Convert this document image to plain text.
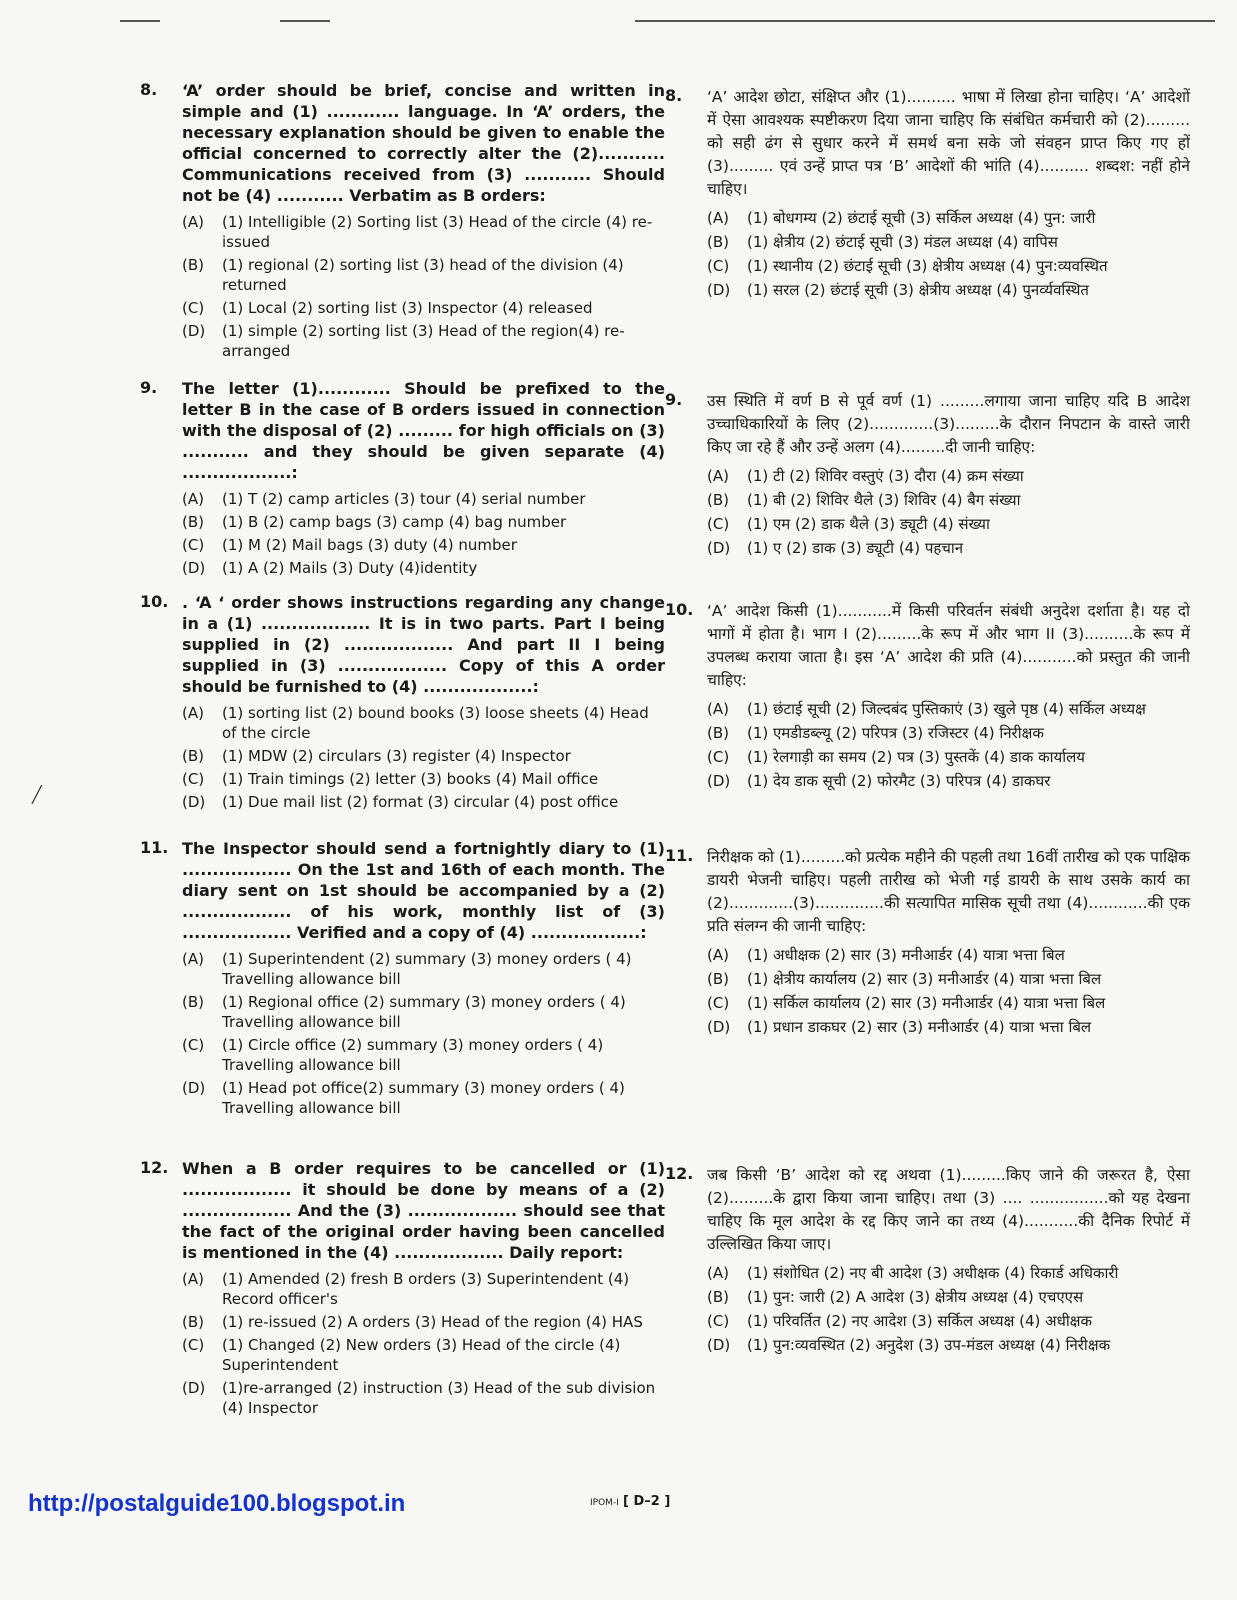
╱
8. ‘A’ order should be brief, concise and written in simple and (1) ............ language. In ‘A’ orders, the necessary explanation should be given to enable the official concerned to correctly alter the (2)........... Communications received from (3) ........... Should not be (4) ........... Verbatim as B orders:
(A)	(1) Intelligible (2) Sorting list (3) Head of the circle (4) re-issued
(B)	(1) regional (2) sorting list (3) head of the division (4) returned
(C)	(1) Local (2) sorting list (3) Inspector (4) released
(D)	(1) simple (2) sorting list (3) Head of the region(4) re-arranged
9. The letter (1)............ Should be prefixed to the letter B in the case of B orders issued in connection with the disposal of (2) ......... for high officials on (3) ........... and they should be given separate (4) ..................:
(A)	(1) T (2) camp articles (3) tour (4) serial number
(B)	(1) B (2) camp bags (3) camp (4) bag number
(C)	(1) M (2) Mail bags (3) duty (4) number
(D)	(1) A (2) Mails (3) Duty (4)identity
10. . ‘A ‘ order shows instructions regarding any change in a (1) .................. It is in two parts. Part I being supplied in (2) .................. And part II I being supplied in (3) .................. Copy of this A order should be furnished to (4) ..................:
(A)	(1) sorting list (2) bound books (3) loose sheets (4) Head of the circle
(B)	(1) MDW (2) circulars (3) register (4) Inspector
(C)	(1) Train timings (2) letter (3) books (4) Mail office
(D)	(1) Due mail list (2) format (3) circular (4) post office
11. The Inspector should send a fortnightly diary to (1) .................. On the 1st and 16th of each month. The diary sent on 1st should be accompanied by a (2) .................. of his work, monthly list of (3) .................. Verified and a copy of (4) ..................:
(A)	(1) Superintendent (2) summary (3) money orders ( 4) Travelling allowance bill
(B)	(1) Regional office (2) summary (3) money orders ( 4) Travelling allowance bill
(C)	(1) Circle office (2) summary (3) money orders ( 4) Travelling allowance bill
(D)	(1) Head pot office(2) summary (3) money orders ( 4) Travelling allowance bill
12. When a B order requires to be cancelled or (1) .................. it should be done by means of a (2) .................. And the (3) .................. should see that the fact of the original order having been cancelled is mentioned in the (4) .................. Daily report:
(A)	(1) Amended (2) fresh B orders (3) Superintendent (4) Record officer's
(B)	(1) re-issued (2) A orders (3) Head of the region (4) HAS
(C)	(1) Changed (2) New orders (3) Head of the circle (4) Superintendent
(D)	(1)re-arranged (2) instruction (3) Head of the sub division (4) Inspector
8. ‘A’ आदेश छोटा, संक्षिप्त और (1).......... भाषा में लिखा होना चाहिए। ‘A’ आदेशों में ऐसा आवश्यक स्पष्टीकरण दिया जाना चाहिए कि संबंधित कर्मचारी को (2)......... को सही ढंग से सुधार करने में समर्थ बना सके जो संवहन प्राप्त किए गए हों (3)......... एवं उन्हें प्राप्त पत्र ‘B’ आदेशों की भांति (4).......... शब्दश: नहीं होने चाहिए।
(A)	(1) बोधगम्य (2) छंटाई सूची (3) सर्किल अध्यक्ष (4) पुन: जारी
(B)	(1) क्षेत्रीय (2) छंटाई सूची (3) मंडल अध्यक्ष (4) वापिस
(C)	(1) स्थानीय (2) छंटाई सूची (3) क्षेत्रीय अध्यक्ष (4) पुन:व्यवस्थित
(D)	(1) सरल (2) छंटाई सूची (3) क्षेत्रीय अध्यक्ष (4) पुनर्व्यवस्थित
9. उस स्थिति में वर्ण B से पूर्व वर्ण (1) .........लगाया जाना चाहिए यदि B आदेश उच्चाधिकारियों के लिए (2).............(3).........के दौरान निपटान के वास्ते जारी किए जा रहे हैं और उन्हें अलग (4).........दी जानी चाहिए:
(A)	(1) टी (2) शिविर वस्तुएं (3) दौरा (4) क्रम संख्या
(B)	(1) बी (2) शिविर थैले (3) शिविर (4) बैग संख्या
(C)	(1) एम (2) डाक थैले (3) ड्यूटी (4) संख्या
(D)	(1) ए (2) डाक (3) ड्यूटी (4) पहचान
10. ‘A’ आदेश किसी (1)...........में किसी परिवर्तन संबंधी अनुदेश दर्शाता है। यह दो भागों में होता है। भाग I (2).........के रूप में और भाग II (3)..........के रूप में उपलब्ध कराया जाता है। इस ‘A’ आदेश की प्रति (4)...........को प्रस्तुत की जानी चाहिए:
(A)	(1) छंटाई सूची (2) जिल्दबंद पुस्तिकाएं (3) खुले पृष्ठ (4) सर्किल अध्यक्ष
(B)	(1) एमडीडब्ल्यू (2) परिपत्र (3) रजिस्टर (4) निरीक्षक
(C)	(1) रेलगाड़ी का समय (2) पत्र (3) पुस्तकें (4) डाक कार्यालय
(D)	(1) देय डाक सूची (2) फोरमैट (3) परिपत्र (4) डाकघर
11. निरीक्षक को (1).........को प्रत्येक महीने की पहली तथा 16वीं तारीख को एक पाक्षिक डायरी भेजनी चाहिए। पहली तारीख को भेजी गई डायरी के साथ उसके कार्य का (2).............(3)..............की सत्यापित मासिक सूची तथा (4)............की एक प्रति संलग्न की जानी चाहिए:
(A)	(1) अधीक्षक (2) सार (3) मनीआर्डर (4) यात्रा भत्ता बिल
(B)	(1) क्षेत्रीय कार्यालय (2) सार (3) मनीआर्डर (4) यात्रा भत्ता बिल
(C)	(1) सर्किल कार्यालय (2) सार (3) मनीआर्डर (4) यात्रा भत्ता बिल
(D)	(1) प्रधान डाकघर (2) सार (3) मनीआर्डर (4) यात्रा भत्ता बिल
12. जब किसी ‘B’ आदेश को रद्द अथवा (1).........किए जाने की जरूरत है, ऐसा (2).........के द्वारा किया जाना चाहिए। तथा (3) .... ................को यह देखना चाहिए कि मूल आदेश के रद्द किए जाने का तथ्य (4)...........की दैनिक रिपोर्ट में उल्लिखित किया जाए।
(A)	(1) संशोधित (2) नए बी आदेश (3) अधीक्षक (4) रिकार्ड अधिकारी
(B)	(1) पुन: जारी (2) A आदेश (3) क्षेत्रीय अध्यक्ष (4) एचएएस
(C)	(1) परिवर्तित (2) नए आदेश (3) सर्किल अध्यक्ष (4) अधीक्षक
(D)	(1) पुन:व्यवस्थित (2) अनुदेश (3) उप-मंडल अध्यक्ष (4) निरीक्षक
IPOM-I [ D–2 ]
http://postalguide100.blogspot.in
